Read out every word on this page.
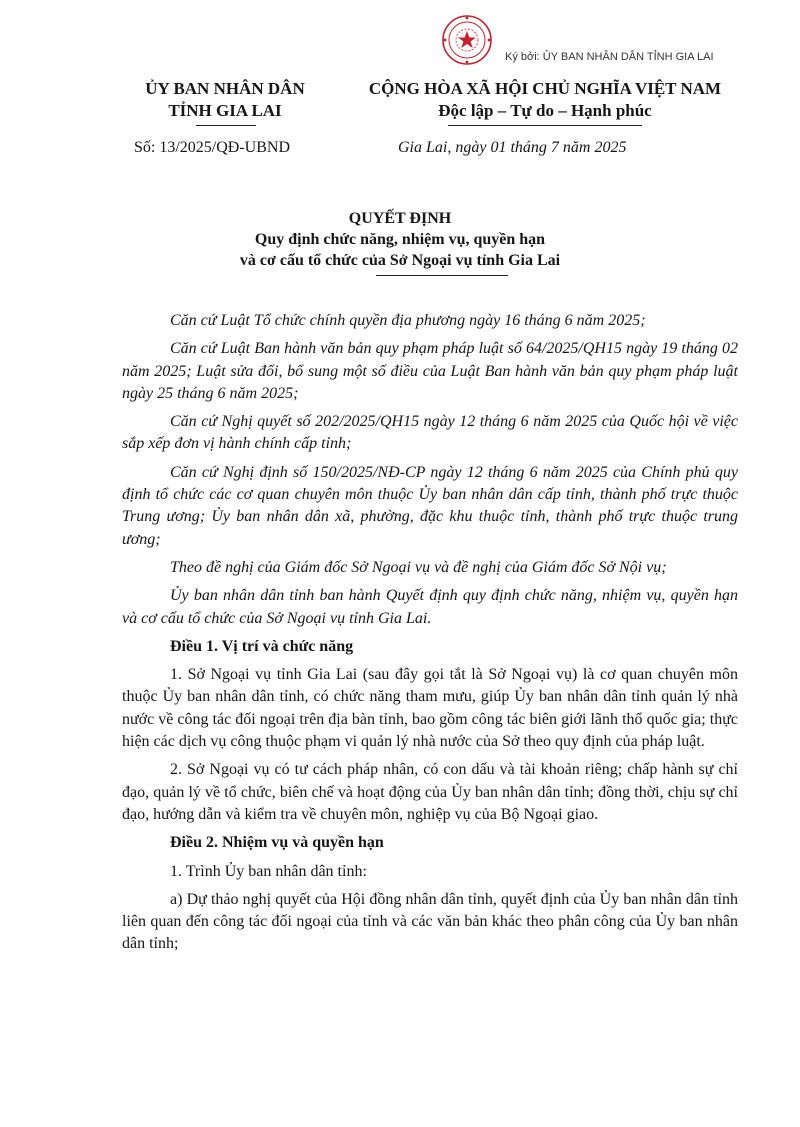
Ký bởi: ỦY BAN NHÂN DÂN TỈNH GIA LAI
ỦY BAN NHÂN DÂN
TỈNH GIA LAI
CỘNG HÒA XÃ HỘI CHỦ NGHĨA VIỆT NAM
Độc lập – Tự do – Hạnh phúc
Số: 13/2025/QĐ-UBND	Gia Lai, ngày 01 tháng 7 năm 2025
QUYẾT ĐỊNH
Quy định chức năng, nhiệm vụ, quyền hạn
và cơ cấu tổ chức của Sở Ngoại vụ tỉnh Gia Lai

Căn cứ Luật Tổ chức chính quyền địa phương ngày 16 tháng 6 năm 2025;

Căn cứ Luật Ban hành văn bản quy phạm pháp luật số 64/2025/QH15 ngày 19 tháng 02 năm 2025; Luật sửa đổi, bổ sung một số điều của Luật Ban hành văn bản quy phạm pháp luật ngày 25 tháng 6 năm 2025;

Căn cứ Nghị quyết số 202/2025/QH15 ngày 12 tháng 6 năm 2025 của Quốc hội về việc sắp xếp đơn vị hành chính cấp tỉnh;

Căn cứ Nghị định số 150/2025/NĐ-CP ngày 12 tháng 6 năm 2025 của Chính phủ quy định tổ chức các cơ quan chuyên môn thuộc Ủy ban nhân dân cấp tỉnh, thành phố trực thuộc Trung ương; Ủy ban nhân dân xã, phường, đặc khu thuộc tỉnh, thành phố trực thuộc trung ương;

Theo đề nghị của Giám đốc Sở Ngoại vụ và đề nghị của Giám đốc Sở Nội vụ;

Ủy ban nhân dân tỉnh ban hành Quyết định quy định chức năng, nhiệm vụ, quyền hạn và cơ cấu tổ chức của Sở Ngoại vụ tỉnh Gia Lai.

Điều 1. Vị trí và chức năng

1. Sở Ngoại vụ tỉnh Gia Lai (sau đây gọi tắt là Sở Ngoại vụ) là cơ quan chuyên môn thuộc Ủy ban nhân dân tỉnh, có chức năng tham mưu, giúp Ủy ban nhân dân tỉnh quản lý nhà nước về công tác đối ngoại trên địa bàn tỉnh, bao gồm công tác biên giới lãnh thổ quốc gia; thực hiện các dịch vụ công thuộc phạm vi quản lý nhà nước của Sở theo quy định của pháp luật.

2. Sở Ngoại vụ có tư cách pháp nhân, có con dấu và tài khoản riêng; chấp hành sự chỉ đạo, quản lý về tổ chức, biên chế và hoạt động của Ủy ban nhân dân tỉnh; đồng thời, chịu sự chỉ đạo, hướng dẫn và kiểm tra về chuyên môn, nghiệp vụ của Bộ Ngoại giao.

Điều 2. Nhiệm vụ và quyền hạn

1. Trình Ủy ban nhân dân tỉnh:

a) Dự thảo nghị quyết của Hội đồng nhân dân tỉnh, quyết định của Ủy ban nhân dân tỉnh liên quan đến công tác đối ngoại của tỉnh và các văn bản khác theo phân công của Ủy ban nhân dân tỉnh;
